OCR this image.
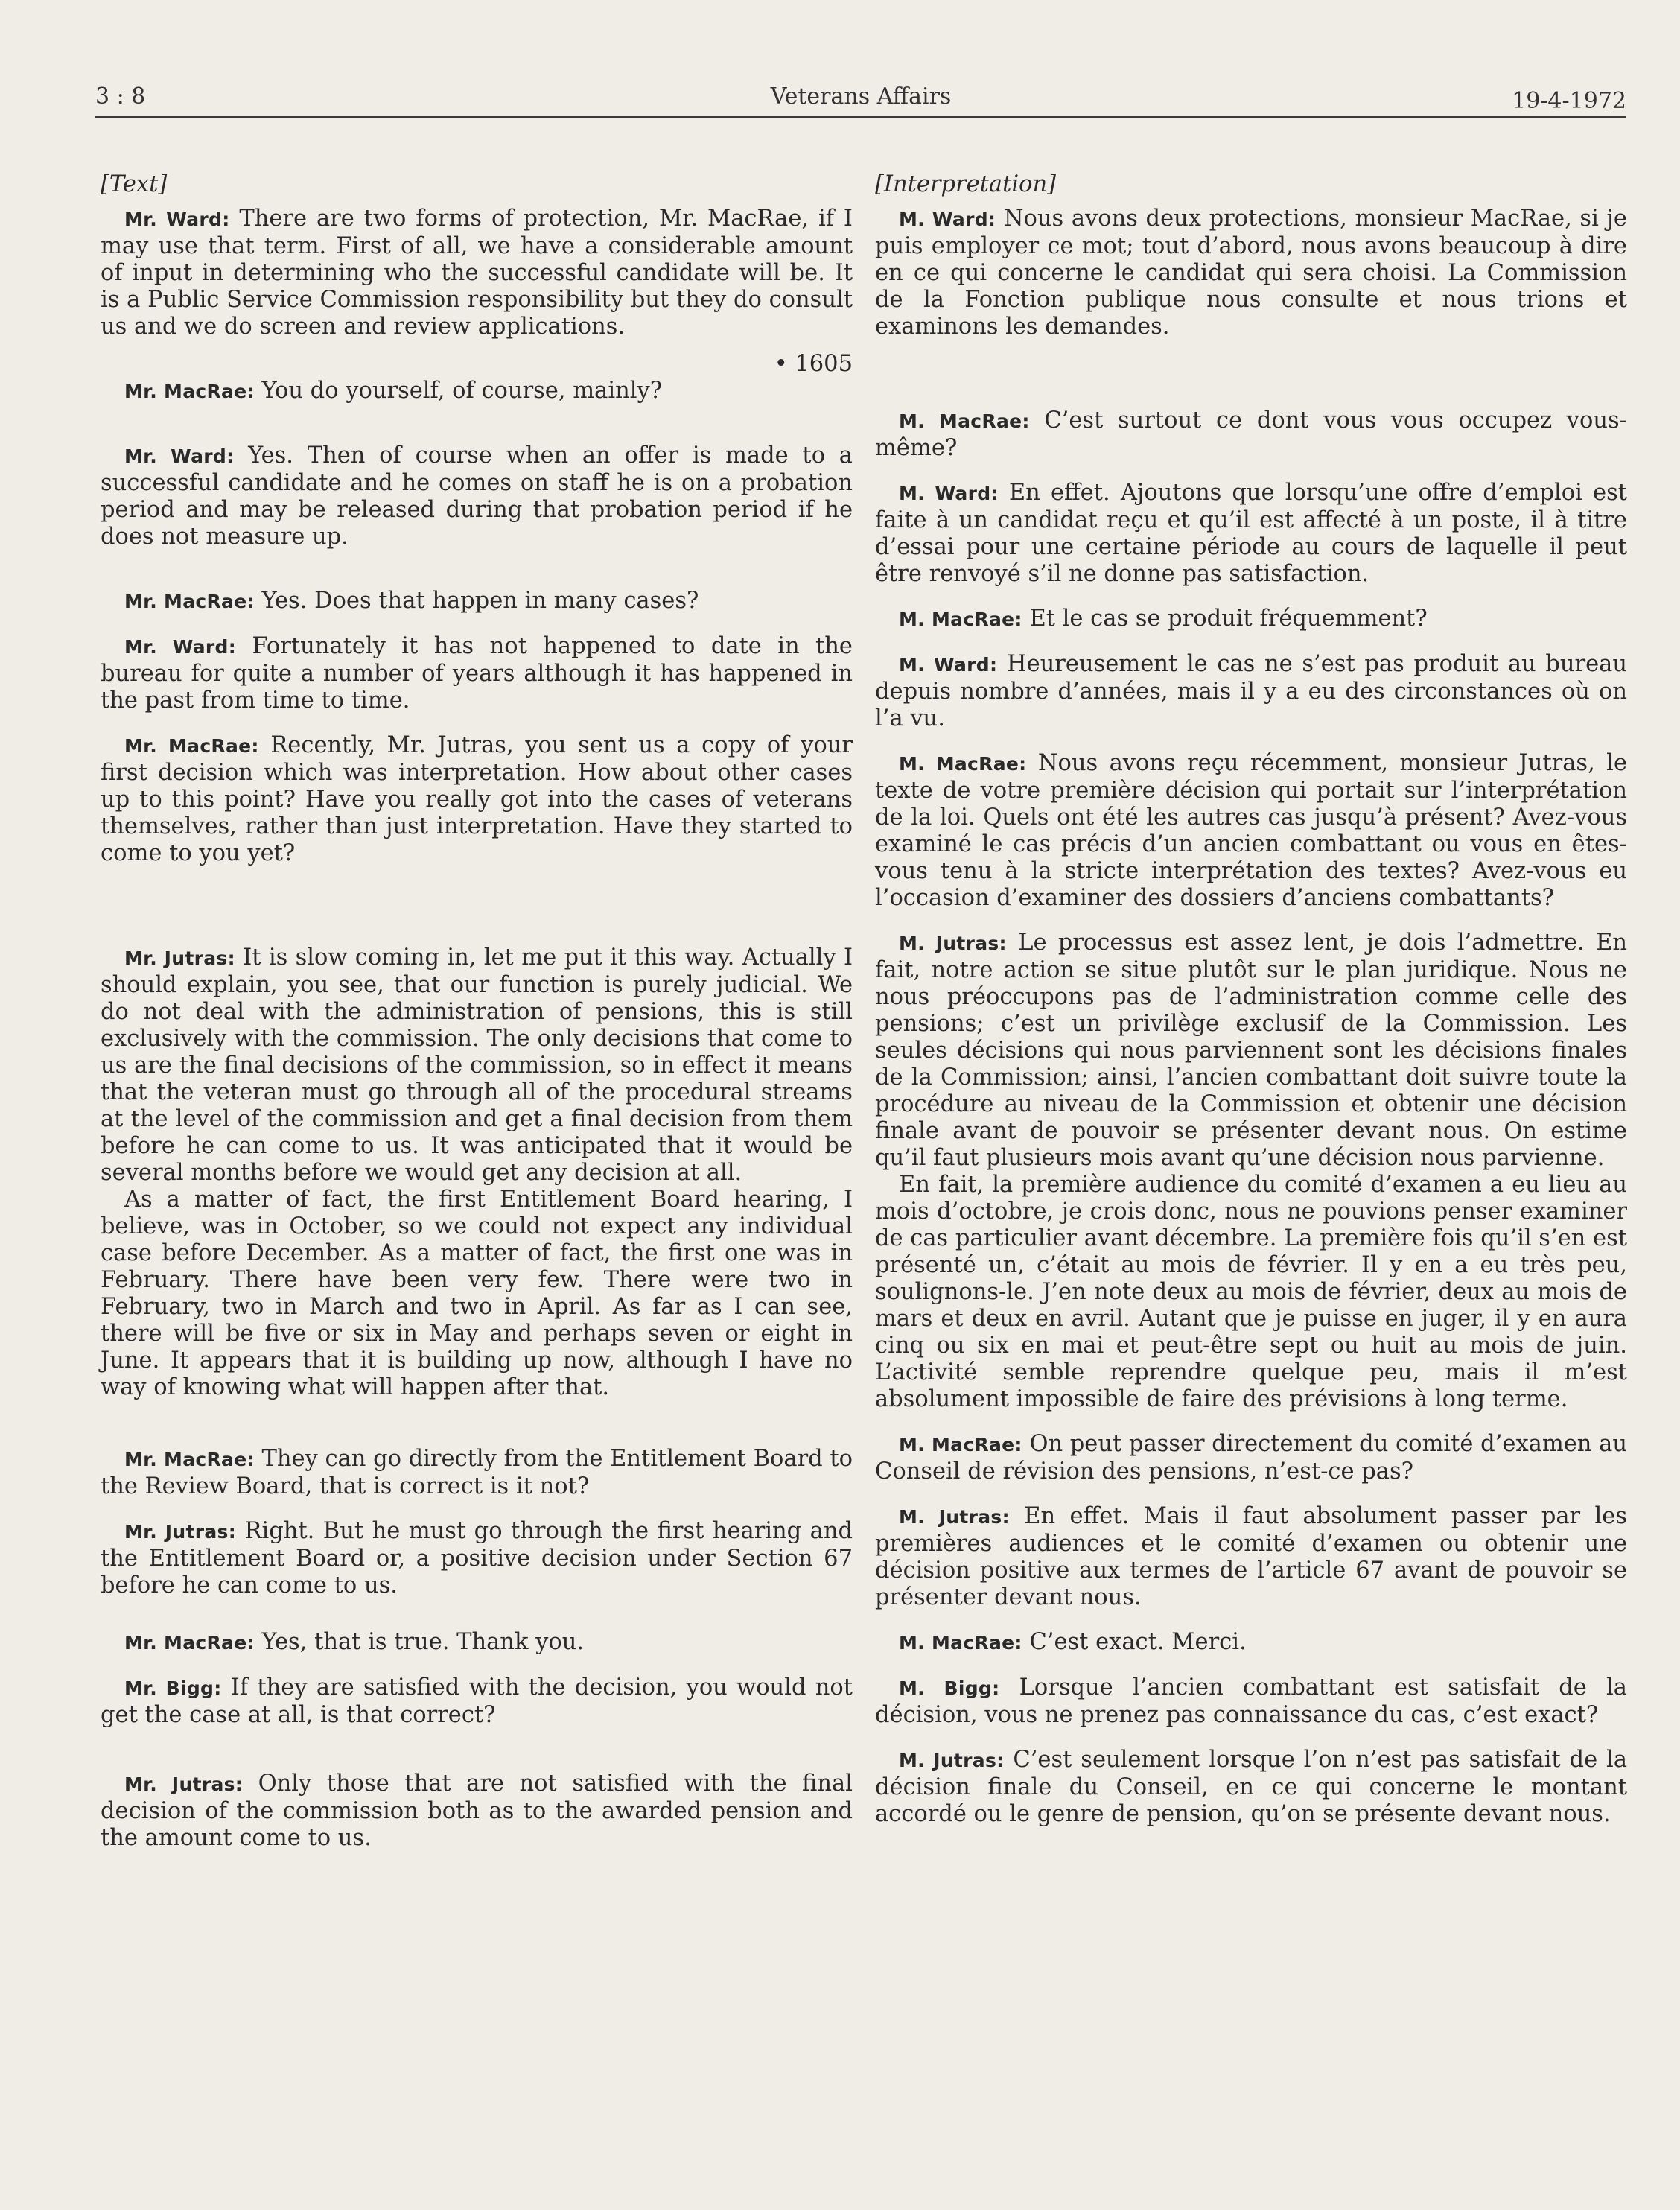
3 : 8	Veterans Affairs	19-4-1972
[Text]

Mr. Ward: There are two forms of protection, Mr. MacRae, if I may use that term. First of all, we have a considerable amount of input in determining who the successful candidate will be. It is a Public Service Commission responsibility but they do consult us and we do screen and review applications.

• 1605

Mr. MacRae: You do yourself, of course, mainly?

Mr. Ward: Yes. Then of course when an offer is made to a successful candidate and he comes on staff he is on a probation period and may be released during that probation period if he does not measure up.

Mr. MacRae: Yes. Does that happen in many cases?

Mr. Ward: Fortunately it has not happened to date in the bureau for quite a number of years although it has happened in the past from time to time.

Mr. MacRae: Recently, Mr. Jutras, you sent us a copy of your first decision which was interpretation. How about other cases up to this point? Have you really got into the cases of veterans themselves, rather than just interpretation. Have they started to come to you yet?

Mr. Jutras: It is slow coming in, let me put it this way. Actually I should explain, you see, that our function is purely judicial. We do not deal with the administration of pensions, this is still exclusively with the commission. The only decisions that come to us are the final decisions of the commission, so in effect it means that the veteran must go through all of the procedural streams at the level of the commission and get a final decision from them before he can come to us. It was anticipated that it would be several months before we would get any decision at all.

As a matter of fact, the first Entitlement Board hearing, I believe, was in October, so we could not expect any individual case before December. As a matter of fact, the first one was in February. There have been very few. There were two in February, two in March and two in April. As far as I can see, there will be five or six in May and perhaps seven or eight in June. It appears that it is building up now, although I have no way of knowing what will happen after that.

Mr. MacRae: They can go directly from the Entitlement Board to the Review Board, that is correct is it not?

Mr. Jutras: Right. But he must go through the first hearing and the Entitlement Board or, a positive decision under Section 67 before he can come to us.

Mr. MacRae: Yes, that is true. Thank you.

Mr. Bigg: If they are satisfied with the decision, you would not get the case at all, is that correct?

Mr. Jutras: Only those that are not satisfied with the final decision of the commission both as to the awarded pension and the amount come to us.

[Interpretation]

M. Ward: Nous avons deux protections, monsieur MacRae, si je puis employer ce mot; tout d’abord, nous avons beaucoup à dire en ce qui concerne le candidat qui sera choisi. La Commission de la Fonction publique nous consulte et nous trions et examinons les demandes.

M. MacRae: C’est surtout ce dont vous vous occupez vous-même?

M. Ward: En effet. Ajoutons que lorsqu’une offre d’emploi est faite à un candidat reçu et qu’il est affecté à un poste, il à titre d’essai pour une certaine période au cours de laquelle il peut être renvoyé s’il ne donne pas satisfaction.

M. MacRae: Et le cas se produit fréquemment?

M. Ward: Heureusement le cas ne s’est pas produit au bureau depuis nombre d’années, mais il y a eu des circonstances où on l’a vu.

M. MacRae: Nous avons reçu récemment, monsieur Jutras, le texte de votre première décision qui portait sur l’interprétation de la loi. Quels ont été les autres cas jusqu’à présent? Avez-vous examiné le cas précis d’un ancien combattant ou vous en êtes-vous tenu à la stricte interprétation des textes? Avez-vous eu l’occasion d’examiner des dossiers d’anciens combattants?

M. Jutras: Le processus est assez lent, je dois l’admettre. En fait, notre action se situe plutôt sur le plan juridique. Nous ne nous préoccupons pas de l’administration comme celle des pensions; c’est un privilège exclusif de la Commission. Les seules décisions qui nous parviennent sont les décisions finales de la Commission; ainsi, l’ancien combattant doit suivre toute la procédure au niveau de la Commission et obtenir une décision finale avant de pouvoir se présenter devant nous. On estime qu’il faut plusieurs mois avant qu’une décision nous parvienne.

En fait, la première audience du comité d’examen a eu lieu au mois d’octobre, je crois donc, nous ne pouvions penser examiner de cas particulier avant décembre. La première fois qu’il s’en est présenté un, c’était au mois de février. Il y en a eu très peu, soulignons-le. J’en note deux au mois de février, deux au mois de mars et deux en avril. Autant que je puisse en juger, il y en aura cinq ou six en mai et peut-être sept ou huit au mois de juin. L’activité semble reprendre quelque peu, mais il m’est absolument impossible de faire des prévisions à long terme.

M. MacRae: On peut passer directement du comité d’examen au Conseil de révision des pensions, n’est-ce pas?

M. Jutras: En effet. Mais il faut absolument passer par les premières audiences et le comité d’examen ou obtenir une décision positive aux termes de l’article 67 avant de pouvoir se présenter devant nous.

M. MacRae: C’est exact. Merci.

M. Bigg: Lorsque l’ancien combattant est satisfait de la décision, vous ne prenez pas connaissance du cas, c’est exact?

M. Jutras: C’est seulement lorsque l’on n’est pas satisfait de la décision finale du Conseil, en ce qui concerne le montant accordé ou le genre de pension, qu’on se présente devant nous.
